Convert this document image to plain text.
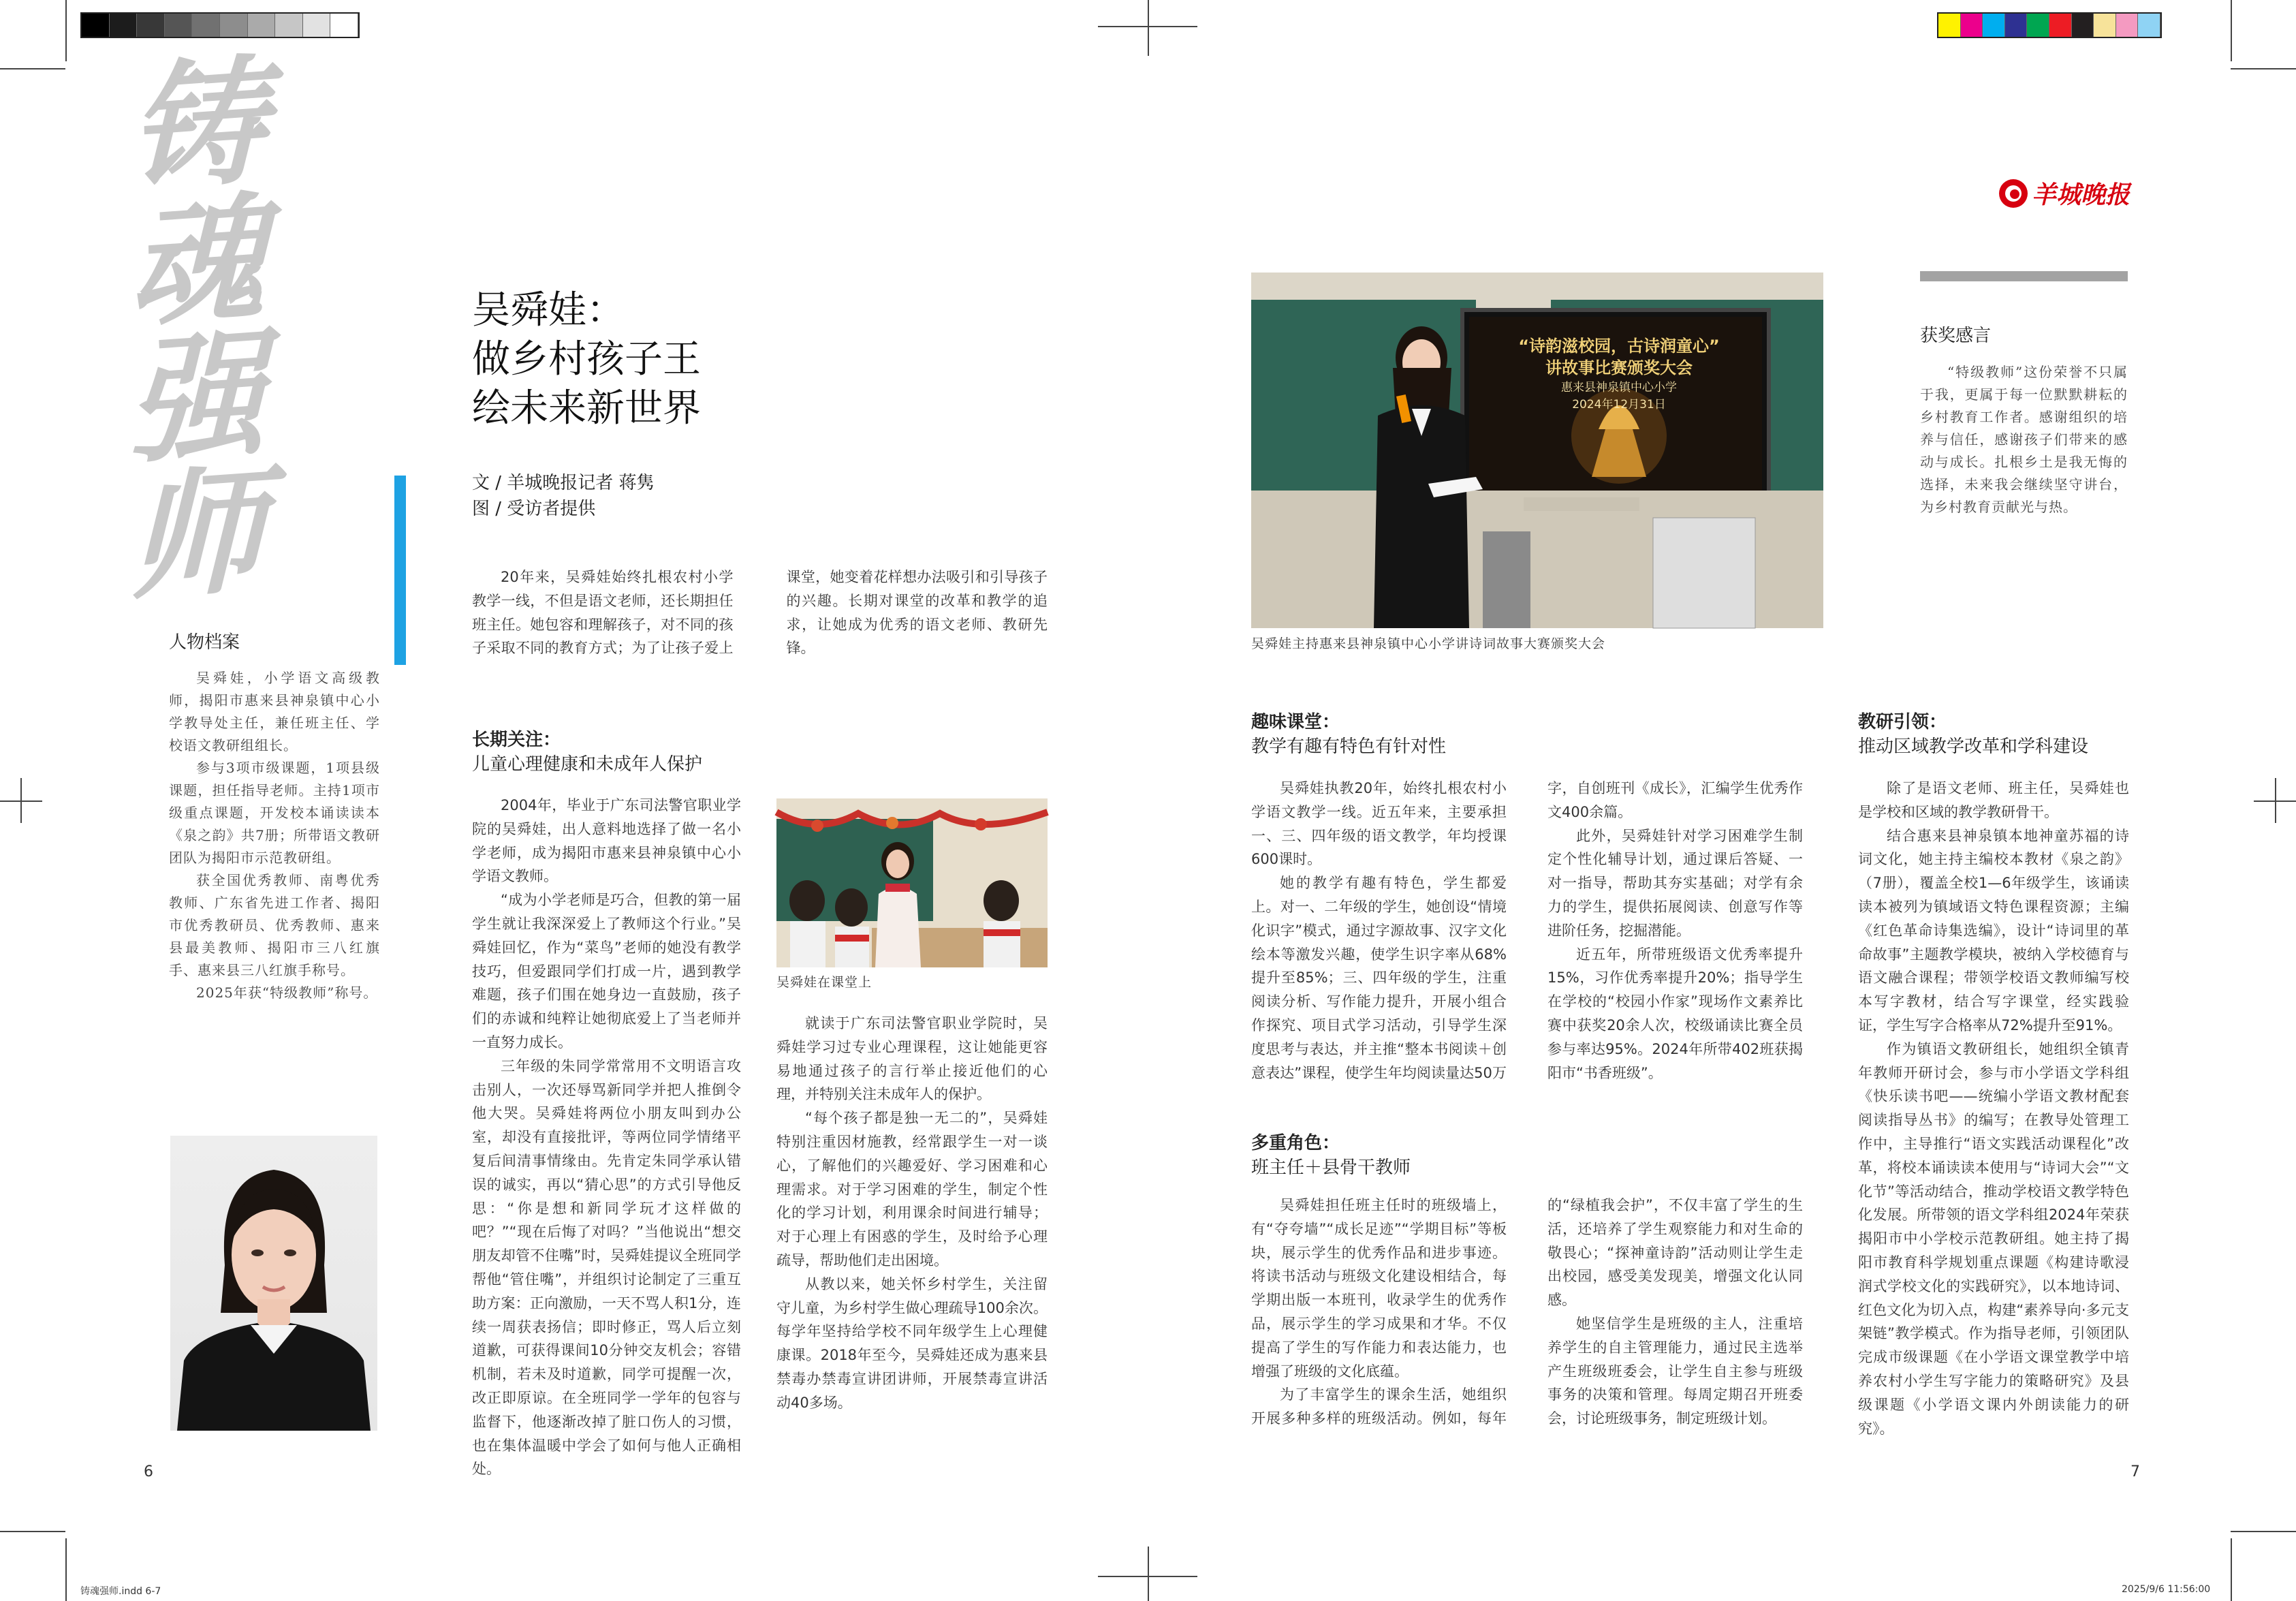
铸魂强师	吴舜娃：
做乡村孩子王
绘未来新世界
文 / 羊城晚报记者 蒋隽
图 / 受访者提供
人物档案

吴舜娃，小学语文高级教师，揭阳市惠来县神泉镇中心小学教导处主任，兼任班主任、学校语文教研组组长。

参与3项市级课题，1项县级课题，担任指导老师。主持1项市级重点课题，开发校本诵读读本《泉之韵》共7册；所带语文教研团队为揭阳市示范教研组。

获全国优秀教师、南粤优秀教师、广东省先进工作者、揭阳市优秀教研员、优秀教师、惠来县最美教师、揭阳市三八红旗手、惠来县三八红旗手称号。

2025年获“特级教师”称号。

20年来，吴舜娃始终扎根农村小学教学一线，不但是语文老师，还长期担任班主任。她包容和理解孩子，对不同的孩子采取不同的教育方式；为了让孩子爱上课堂，她变着花样想办法吸引和引导孩子的兴趣。长期对课堂的改革和教学的追求，让她成为优秀的语文老师、教研先锋。
长期关注：
儿童心理健康和未成年人保护

2004年，毕业于广东司法警官职业学院的吴舜娃，出人意料地选择了做一名小学老师，成为揭阳市惠来县神泉镇中心小学语文教师。

“成为小学老师是巧合，但教的第一届学生就让我深深爱上了教师这个行业。”吴舜娃回忆，作为“菜鸟”老师的她没有教学技巧，但爱跟同学们打成一片，遇到教学难题，孩子们围在她身边一直鼓励，孩子们的赤诚和纯粹让她彻底爱上了当老师并一直努力成长。

三年级的朱同学常常用不文明语言攻击别人，一次还辱骂新同学并把人推倒令他大哭。吴舜娃将两位小朋友叫到办公室，却没有直接批评，等两位同学情绪平复后间清事情缘由。先肯定朱同学承认错误的诚实，再以“猜心思”的方式引导他反思：“你是想和新同学玩才这样做的吧？”“现在后悔了对吗？”当他说出“想交朋友却管不住嘴”时，吴舜娃提议全班同学帮他“管住嘴”，并组织讨论制定了三重互助方案：正向激励，一天不骂人积1分，连续一周获表扬信；即时修正，骂人后立刻道歉，可获得课间10分钟交友机会；容错机制，若未及时道歉，同学可提醒一次，改正即原谅。在全班同学一学年的包容与监督下，他逐渐改掉了脏口伤人的习惯，也在集体温暖中学会了如何与他人正确相处。

吴舜娃在课堂上

就读于广东司法警官职业学院时，吴舜娃学习过专业心理课程，这让她能更容易地通过孩子的言行举止接近他们的心理，并特别关注未成年人的保护。

“每个孩子都是独一无二的”，吴舜娃特别注重因材施教，经常跟学生一对一谈心，了解他们的兴趣爱好、学习困难和心理需求。对于学习困难的学生，制定个性化的学习计划，利用课余时间进行辅导；对于心理上有困惑的学生，及时给予心理疏导，帮助他们走出困境。

从教以来，她关怀乡村学生，关注留守儿童，为乡村学生做心理疏导100余次。每学年坚持给学校不同年级学生上心理健康课。2018年至今，吴舜娃还成为惠来县禁毒办禁毒宣讲团讲师，开展禁毒宣讲活动40多场。

6
铸魂强师.indd 6-7
羊城晚报
“诗韵滋校园，古诗润童心”
讲故事比赛颁奖大会
惠来县神泉镇中心小学
2024年12月31日
吴舜娃主持惠来县神泉镇中心小学讲诗词故事大赛颁奖大会
获奖感言
“特级教师”这份荣誉不只属于我，更属于每一位默默耕耘的乡村教育工作者。感谢组织的培养与信任，感谢孩子们带来的感动与成长。扎根乡土是我无悔的选择，未来我会继续坚守讲台，为乡村教育贡献光与热。
趣味课堂：
教学有趣有特色有针对性

吴舜娃执教20年，始终扎根农村小学语文教学一线。近五年来，主要承担一、三、四年级的语文教学，年均授课600课时。

她的教学有趣有特色，学生都爱上。对一、二年级的学生，她创设“情境化识字”模式，通过字源故事、汉字文化绘本等激发兴趣，使学生识字率从68%提升至85%；三、四年级的学生，注重阅读分析、写作能力提升，开展小组合作探究、项目式学习活动，引导学生深度思考与表达，并主推“整本书阅读＋创意表达”课程，使学生年均阅读量达50万字，自创班刊《成长》，汇编学生优秀作文400余篇。

此外，吴舜娃针对学习困难学生制定个性化辅导计划，通过课后答疑、一对一指导，帮助其夯实基础；对学有余力的学生，提供拓展阅读、创意写作等进阶任务，挖掘潜能。

近五年，所带班级语文优秀率提升15%，习作优秀率提升20%；指导学生在学校的“校园小作家”现场作文素养比赛中获奖20余人次，校级诵读比赛全员参与率达95%。2024年所带402班获揭阳市“书香班级”。

多重角色：
班主任＋县骨干教师

吴舜娃担任班主任时的班级墙上，有“夺夸墙”“成长足迹”“学期目标”等板块，展示学生的优秀作品和进步事迹。将读书活动与班级文化建设相结合，每学期出版一本班刊，收录学生的优秀作品，展示学生的学习成果和才华。不仅提高了学生的写作能力和表达能力，也增强了班级的文化底蕴。

为了丰富学生的课余生活，她组织开展多种多样的班级活动。例如，每年的“绿植我会护”，不仅丰富了学生的生活，还培养了学生观察能力和对生命的敬畏心；“探神童诗韵”活动则让学生走出校园，感受美发现美，增强文化认同感。

她坚信学生是班级的主人，注重培养学生的自主管理能力，通过民主选举产生班级班委会，让学生自主参与班级事务的决策和管理。每周定期召开班委会，讨论班级事务，制定班级计划。

教研引领：
推动区域教学改革和学科建设

除了是语文老师、班主任，吴舜娃也是学校和区域的教学教研骨干。

结合惠来县神泉镇本地神童苏福的诗词文化，她主持主编校本教材《泉之韵》（7册），覆盖全校1—6年级学生，该诵读读本被列为镇域语文特色课程资源；主编《红色革命诗集选编》，设计“诗词里的革命故事”主题教学模块，被纳入学校德育与语文融合课程；带领学校语文教师编写校本写字教材，结合写字课堂，经实践验证，学生写字合格率从72%提升至91%。

作为镇语文教研组长，她组织全镇青年教师开研讨会，参与市小学语文学科组《快乐读书吧——统编小学语文教材配套阅读指导丛书》的编写；在教导处管理工作中，主导推行“语文实践活动课程化”改革，将校本诵读读本使用与“诗词大会”“文化节”等活动结合，推动学校语文教学特色化发展。所带领的语文学科组2024年荣获揭阳市中小学校示范教研组。她主持了揭阳市教育科学规划重点课题《构建诗歌浸润式学校文化的实践研究》，以本地诗词、红色文化为切入点，构建“素养导向·多元支架链”教学模式。作为指导老师，引领团队完成市级课题《在小学语文课堂教学中培养农村小学生写字能力的策略研究》及县级课题《小学语文课内外朗读能力的研究》。

7
2025/9/6 11:56:00
